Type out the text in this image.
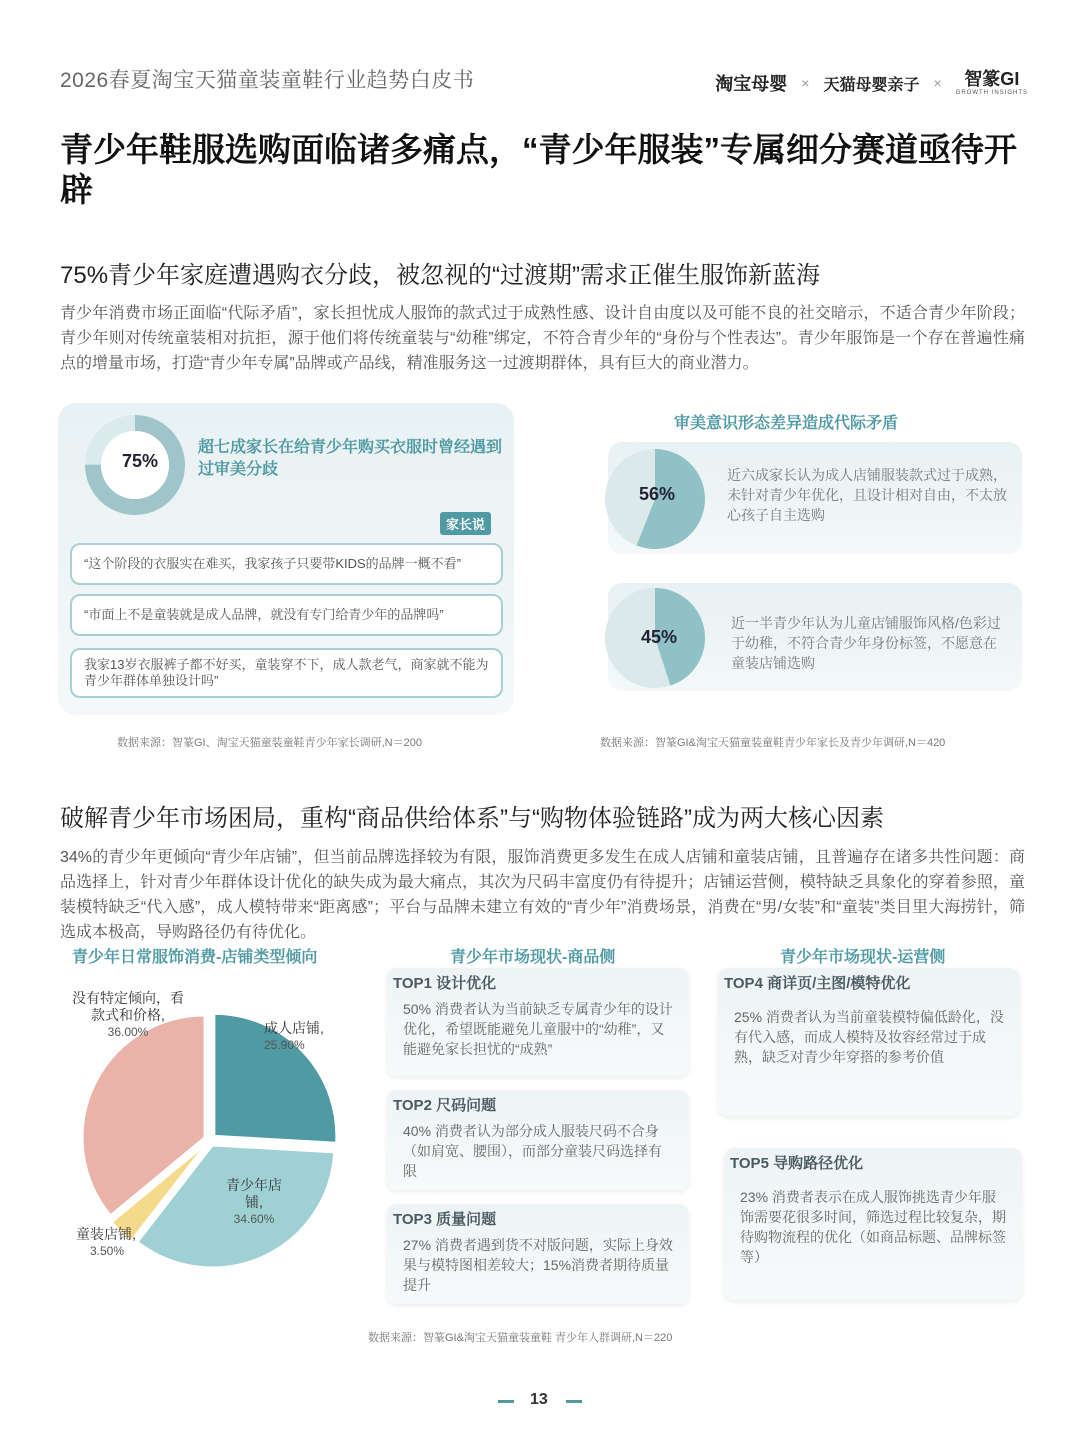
2026春夏淘宝天猫童装童鞋行业趋势白皮书	淘宝母婴 × 天猫母婴亲子 × 智篆GI
GROWTH INSIGHTS
青少年鞋服选购面临诸多痛点，“青少年服装”专属细分赛道亟待开辟
75%青少年家庭遭遇购衣分歧，被忽视的“过渡期”需求正催生服饰新蓝海
青少年消费市场正面临“代际矛盾”，家长担忧成人服饰的款式过于成熟性感、设计自由度以及可能不良的社交暗示，不适合青少年阶段；青少年则对传统童装相对抗拒，源于他们将传统童装与“幼稚”绑定，不符合青少年的“身份与个性表达”。青少年服饰是一个存在普遍性痛点的增量市场，打造“青少年专属”品牌或产品线，精准服务这一过渡期群体，具有巨大的商业潜力。
75%
超七成家长在给青少年购买衣服时曾经遇到过审美分歧
家长说
“这个阶段的衣服实在难买，我家孩子只要带KIDS的品牌一概不看”
“市面上不是童装就是成人品牌，就没有专门给青少年的品牌吗”
我家13岁衣服裤子都不好买，童装穿不下，成人款老气，商家就不能为青少年群体单独设计吗”
数据来源：智篆GI、淘宝天猫童装童鞋青少年家长调研,N＝200
审美意识形态差异造成代际矛盾
56%
近六成家长认为成人店铺服装款式过于成熟，未针对青少年优化，且设计相对自由，不太放心孩子自主选购
45%
近一半青少年认为儿童店铺服饰风格/色彩过于幼稚，不符合青少年身份标签，不愿意在童装店铺选购
数据来源：智篆GI&淘宝天猫童装童鞋青少年家长及青少年调研,N＝420
破解青少年市场困局，重构“商品供给体系”与“购物体验链路”成为两大核心因素
34%的青少年更倾向“青少年店铺”，但当前品牌选择较为有限，服饰消费更多发生在成人店铺和童装店铺，且普遍存在诸多共性问题：商品选择上，针对青少年群体设计优化的缺失成为最大痛点，其次为尺码丰富度仍有待提升；店铺运营侧，模特缺乏具象化的穿着参照，童装模特缺乏“代入感”，成人模特带来“距离感”；平台与品牌未建立有效的“青少年”消费场景，消费在“男/女装”和“童装”类目里大海捞针，筛选成本极高，导购路径仍有待优化。
青少年日常服饰消费-店铺类型倾向	青少年市场现状-商品侧	青少年市场现状-运营侧
成人店铺,
25.90%
青少年店铺,
34.60%
童装店铺,
3.50%
没有特定倾向，看款式和价格,
36.00%
TOP1 设计优化
50% 消费者认为当前缺乏专属青少年的设计优化，希望既能避免儿童服中的“幼稚”，又能避免家长担忧的“成熟”
TOP2 尺码问题
40% 消费者认为部分成人服装尺码不合身（如肩宽、腰围），而部分童装尺码选择有限
TOP3 质量问题
27% 消费者遇到货不对版问题，实际上身效果与模特图相差较大；15%消费者期待质量提升
TOP4 商详页/主图/模特优化
25% 消费者认为当前童装模特偏低龄化，没有代入感，而成人模特及妆容经常过于成熟，缺乏对青少年穿搭的参考价值
TOP5 导购路径优化
23% 消费者表示在成人服饰挑选青少年服饰需要花很多时间，筛选过程比较复杂，期待购物流程的优化（如商品标题、品牌标签等）
数据来源：智篆GI&淘宝天猫童装童鞋 青少年人群调研,N＝220
13
